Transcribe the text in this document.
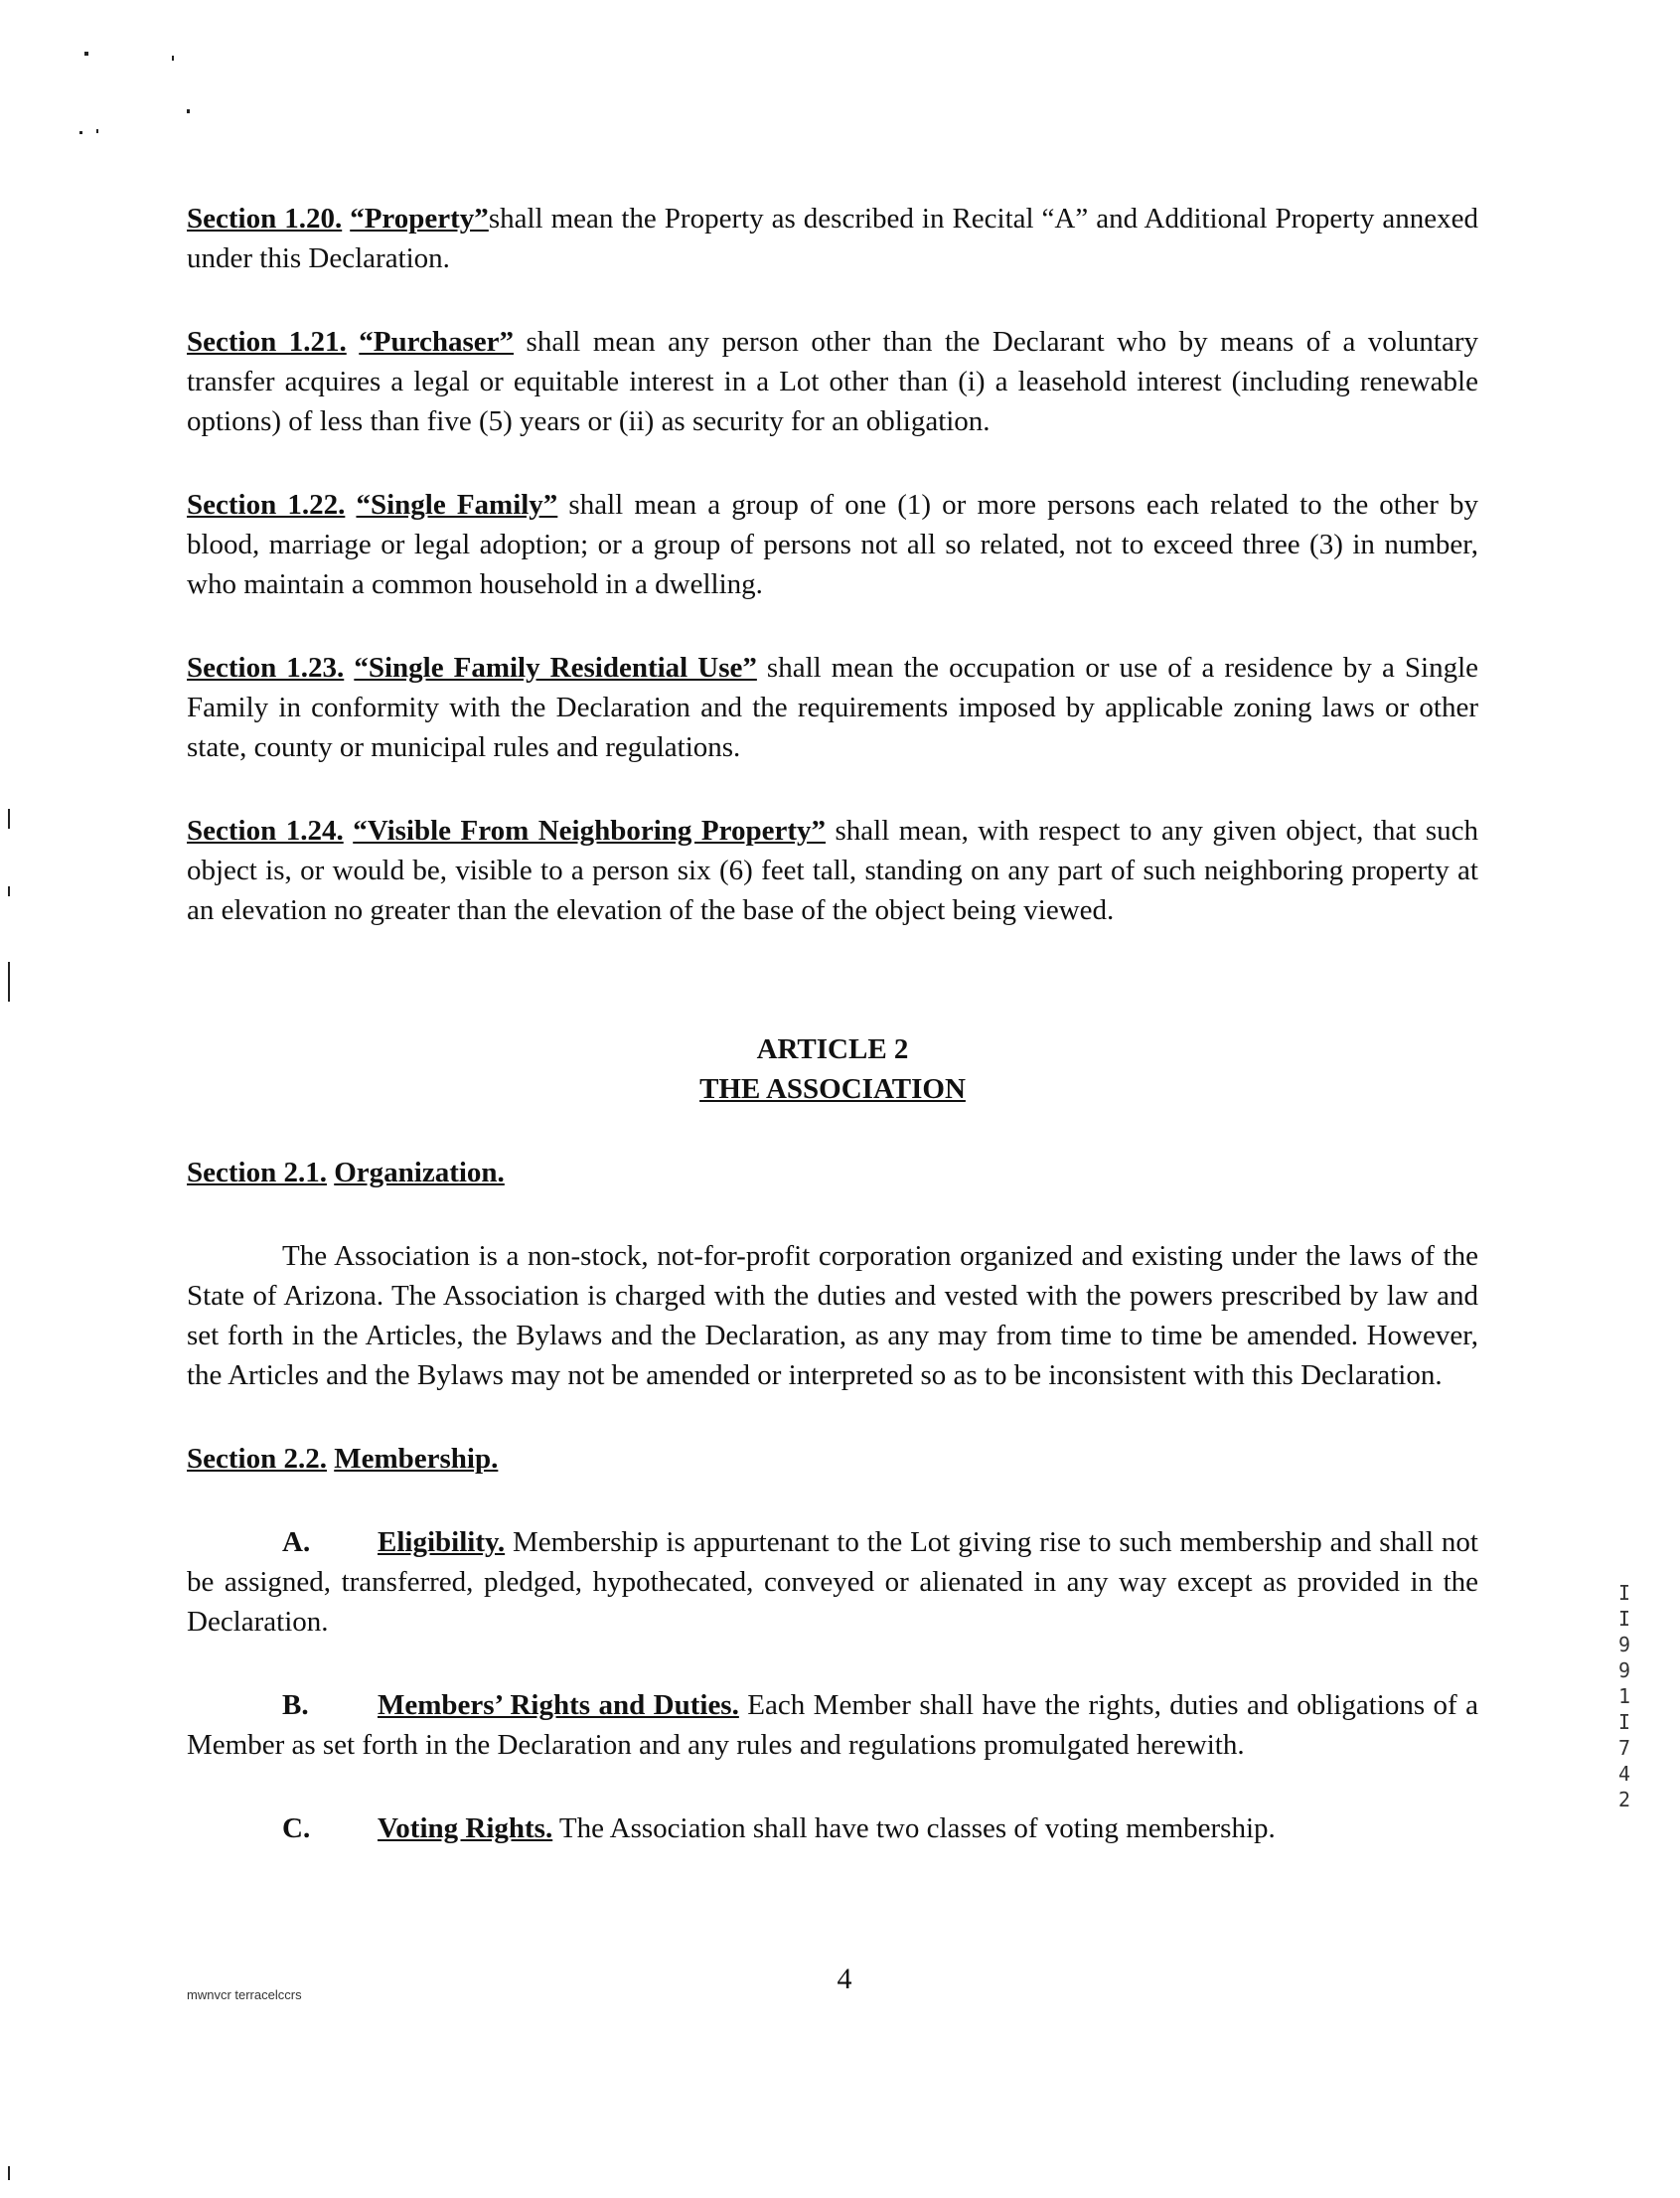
Section 1.20. “Property”shall mean the Property as described in Recital “A” and Additional Property annexed under this Declaration.

Section 1.21. “Purchaser” shall mean any person other than the Declarant who by means of a voluntary transfer acquires a legal or equitable interest in a Lot other than (i) a leasehold interest (including renewable options) of less than five (5) years or (ii) as security for an obligation.

Section 1.22. “Single Family” shall mean a group of one (1) or more persons each related to the other by blood, marriage or legal adoption; or a group of persons not all so related, not to exceed three (3) in number, who maintain a common household in a dwelling.

Section 1.23. “Single Family Residential Use” shall mean the occupation or use of a residence by a Single Family in conformity with the Declaration and the requirements imposed by applicable zoning laws or other state, county or municipal rules and regulations.

Section 1.24. “Visible From Neighboring Property” shall mean, with respect to any given object, that such object is, or would be, visible to a person six (6) feet tall, standing on any part of such neighboring property at an elevation no greater than the elevation of the base of the object being viewed.

ARTICLE 2
THE ASSOCIATION
Section 2.1. Organization.

The Association is a non-stock, not-for-profit corporation organized and existing under the laws of the State of Arizona. The Association is charged with the duties and vested with the powers prescribed by law and set forth in the Articles, the Bylaws and the Declaration, as any may from time to time be amended. However, the Articles and the Bylaws may not be amended or interpreted so as to be inconsistent with this Declaration.

Section 2.2. Membership.

A. Eligibility. Membership is appurtenant to the Lot giving rise to such membership and shall not be assigned, transferred, pledged, hypothecated, conveyed or alienated in any way except as provided in the Declaration.

B. Members’ Rights and Duties. Each Member shall have the rights, duties and obligations of a Member as set forth in the Declaration and any rules and regulations promulgated herewith.

C. Voting Rights. The Association shall have two classes of voting membership.

4
mwnvcr terracelccrs
I
I
9
9
1
I
7
4
2
